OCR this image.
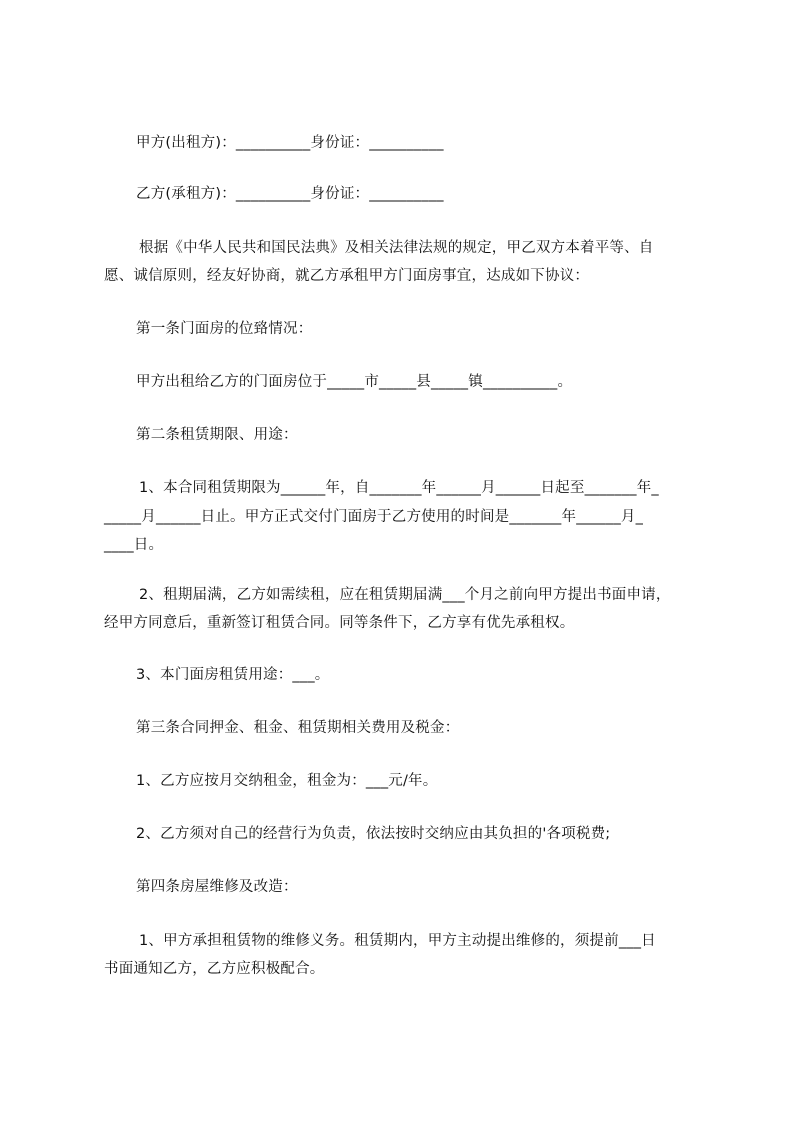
甲方(出租方)：__________身份证：__________
乙方(承租方)：__________身份证：__________
根据《中华人民共和国民法典》及相关法律法规的规定，甲乙双方本着平等、自
愿、诚信原则，经友好协商，就乙方承租甲方门面房事宜，达成如下协议：
第一条门面房的位臵情况：
甲方出租给乙方的门面房位于_____市_____县_____镇__________。
第二条租赁期限、用途：
1、本合同租赁期限为______年，自_______年______月______日起至_______年_
_____月______日止。甲方正式交付门面房于乙方使用的时间是_______年______月_
____日。
2、租期届满，乙方如需续租，应在租赁期届满___个月之前向甲方提出书面申请，
经甲方同意后，重新签订租赁合同。同等条件下，乙方享有优先承租权。
3、本门面房租赁用途：___。
第三条合同押金、租金、租赁期相关费用及税金：
1、乙方应按月交纳租金，租金为：___元/年。
2、乙方须对自己的经营行为负责，依法按时交纳应由其负担的'各项税费;
第四条房屋维修及改造：
1、甲方承担租赁物的维修义务。租赁期内，甲方主动提出维修的，须提前___日
书面通知乙方，乙方应积极配合。
